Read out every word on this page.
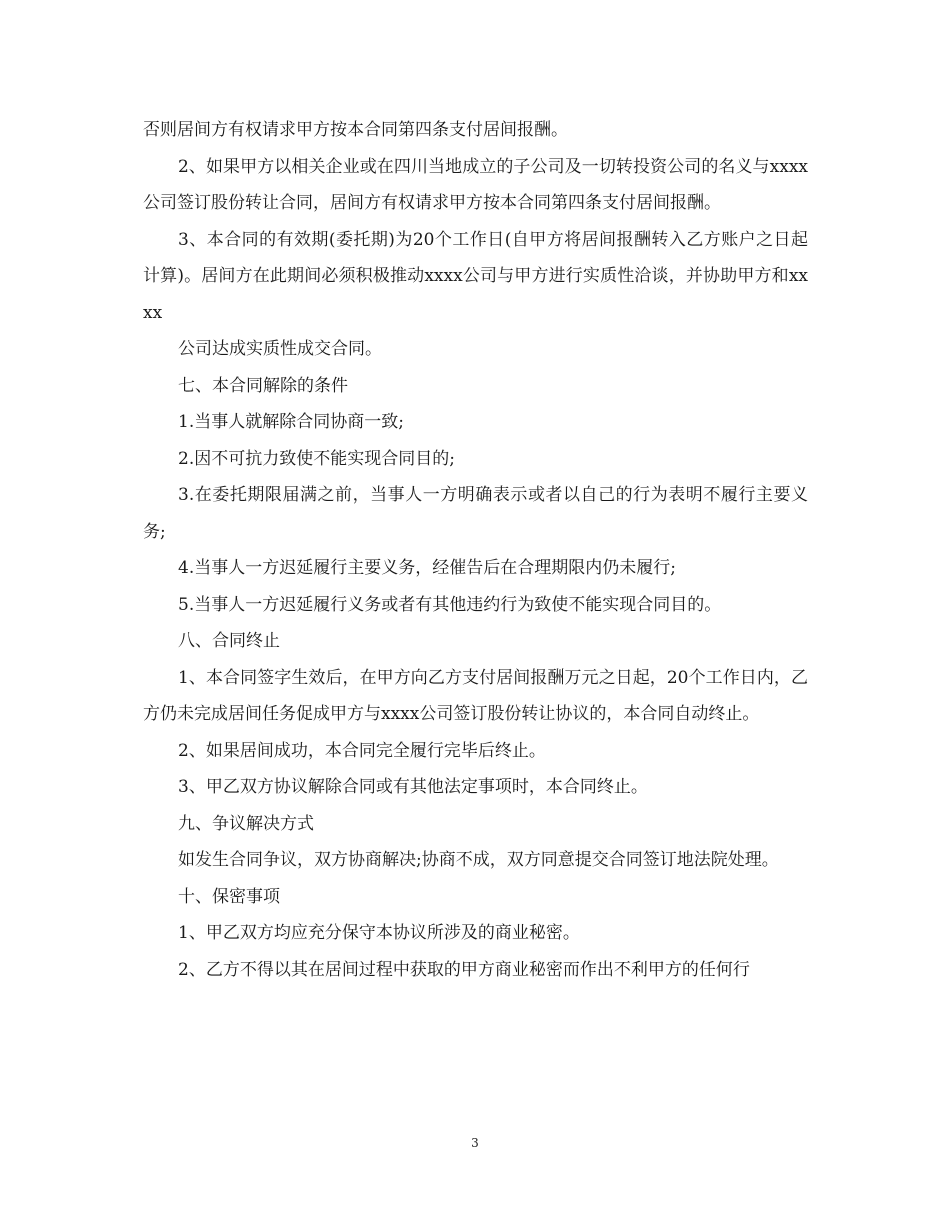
否则居间方有权请求甲方按本合同第四条支付居间报酬。

2、如果甲方以相关企业或在四川当地成立的子公司及一切转投资公司的名义与xxxx公司签订股份转让合同，居间方有权请求甲方按本合同第四条支付居间报酬。

3、本合同的有效期(委托期)为20个工作日(自甲方将居间报酬转入乙方账户之日起计算)。居间方在此期间必须积极推动xxxx公司与甲方进行实质性洽谈，并协助甲方和xxxx

公司达成实质性成交合同。

七、本合同解除的条件

1.当事人就解除合同协商一致;

2.因不可抗力致使不能实现合同目的;

3.在委托期限届满之前，当事人一方明确表示或者以自己的行为表明不履行主要义务;

4.当事人一方迟延履行主要义务，经催告后在合理期限内仍未履行;

5.当事人一方迟延履行义务或者有其他违约行为致使不能实现合同目的。

八、合同终止

1、本合同签字生效后，在甲方向乙方支付居间报酬万元之日起，20个工作日内，乙方仍未完成居间任务促成甲方与xxxx公司签订股份转让协议的，本合同自动终止。

2、如果居间成功，本合同完全履行完毕后终止。

3、甲乙双方协议解除合同或有其他法定事项时，本合同终止。

九、争议解决方式

如发生合同争议，双方协商解决;协商不成，双方同意提交合同签订地法院处理。

十、保密事项

1、甲乙双方均应充分保守本协议所涉及的商业秘密。

2、乙方不得以其在居间过程中获取的甲方商业秘密而作出不利甲方的任何行

3
